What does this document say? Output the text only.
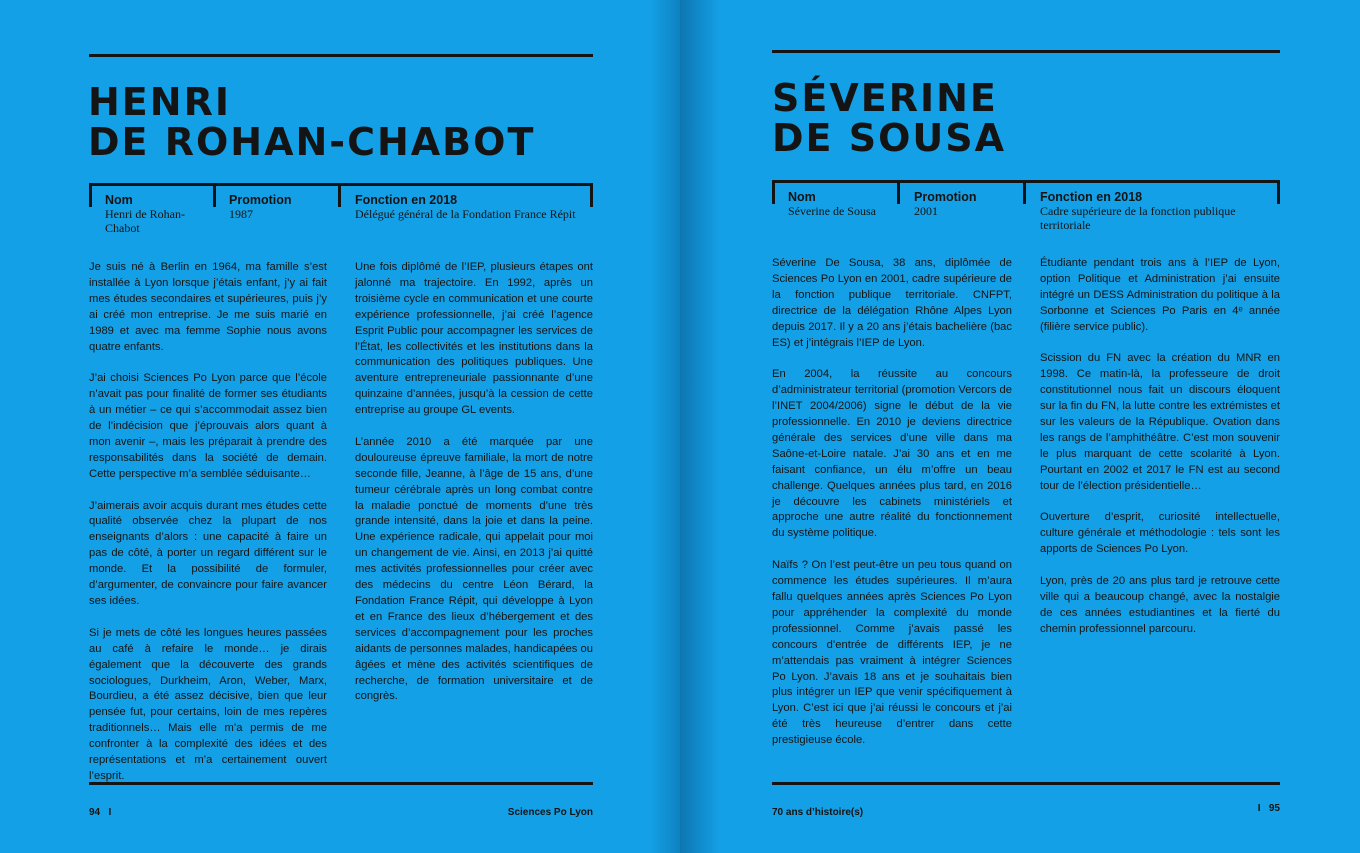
HENRI
DE ROHAN-CHABOT
Nom
Henri de Rohan-Chabot
Promotion
1987
Fonction en 2018
Délégué général de la Fondation France Répit

Je suis né à Berlin en 1964, ma famille s’est installée à Lyon lorsque j’étais enfant, j’y ai fait mes études secondaires et supérieures, puis j’y ai créé mon entreprise. Je me suis marié en 1989 et avec ma femme Sophie nous avons quatre enfants.

J’ai choisi Sciences Po Lyon parce que l’école n’avait pas pour finalité de former ses étudiants à un métier – ce qui s’accommodait assez bien de l’indécision que j’éprouvais alors quant à mon avenir –, mais les préparait à prendre des responsabilités dans la société de demain. Cette perspective m’a semblée séduisante…

J’aimerais avoir acquis durant mes études cette qualité observée chez la plupart de nos enseignants d’alors : une capacité à faire un pas de côté, à porter un regard différent sur le monde. Et la possibilité de formuler, d’argumenter, de convaincre pour faire avancer ses idées.

Si je mets de côté les longues heures passées au café à refaire le monde… je dirais également que la découverte des grands sociologues, Durkheim, Aron, Weber, Marx, Bourdieu, a été assez décisive, bien que leur pensée fut, pour certains, loin de mes repères traditionnels… Mais elle m’a permis de me confronter à la complexité des idées et des représentations et m’a certainement ouvert l’esprit.

Une fois diplômé de l’IEP, plusieurs étapes ont jalonné ma trajectoire. En 1992, après un troisième cycle en communication et une courte expérience professionnelle, j’ai créé l’agence Esprit Public pour accompagner les services de l’État, les collectivités et les institutions dans la communication des politiques publiques. Une aventure entrepreneuriale passionnante d’une quinzaine d’années, jusqu’à la cession de cette entreprise au groupe GL events.

L’année 2010 a été marquée par une douloureuse épreuve familiale, la mort de notre seconde fille, Jeanne, à l’âge de 15 ans, d’une tumeur cérébrale après un long combat contre la maladie ponctué de moments d’une très grande intensité, dans la joie et dans la peine. Une expérience radicale, qui appelait pour moi un changement de vie. Ainsi, en 2013 j’ai quitté mes activités professionnelles pour créer avec des médecins du centre Léon Bérard, la Fondation France Répit, qui développe à Lyon et en France des lieux d’hébergement et des services d’accompagnement pour les proches aidants de personnes malades, handicapées ou âgées et mène des activités scientifiques de recherche, de formation universitaire et de congrès.

94 I	Sciences Po Lyon
SÉVERINE
DE SOUSA
Nom
Séverine de Sousa
Promotion
2001
Fonction en 2018
Cadre supérieure de la fonction publique territoriale

Séverine De Sousa, 38 ans, diplômée de Sciences Po Lyon en 2001, cadre supérieure de la fonction publique territoriale. CNFPT, directrice de la délégation Rhône Alpes Lyon depuis 2017. Il y a 20 ans j’étais bachelière (bac ES) et j’intégrais l’IEP de Lyon.

En 2004, la réussite au concours d’administrateur territorial (promotion Vercors de l’INET 2004/2006) signe le début de la vie professionnelle. En 2010 je deviens directrice générale des services d’une ville dans ma Saône-et-Loire natale. J’ai 30 ans et en me faisant confiance, un élu m’offre un beau challenge. Quelques années plus tard, en 2016 je découvre les cabinets ministériels et approche une autre réalité du fonctionnement du système politique.

Naïfs ? On l’est peut-être un peu tous quand on commence les études supérieures. Il m’aura fallu quelques années après Sciences Po Lyon pour appréhender la complexité du monde professionnel. Comme j’avais passé les concours d’entrée de différents IEP, je ne m’attendais pas vraiment à intégrer Sciences Po Lyon. J’avais 18 ans et je souhaitais bien plus intégrer un IEP que venir spécifiquement à Lyon. C’est ici que j’ai réussi le concours et j’ai été très heureuse d’entrer dans cette prestigieuse école.

Étudiante pendant trois ans à l’IEP de Lyon, option Politique et Administration j’ai ensuite intégré un DESS Administration du politique à la Sorbonne et Sciences Po Paris en 4ᵉ année (filière service public).

Scission du FN avec la création du MNR en 1998. Ce matin-là, la professeure de droit constitutionnel nous fait un discours éloquent sur la fin du FN, la lutte contre les extrémistes et sur les valeurs de la République. Ovation dans les rangs de l’amphithéâtre. C’est mon souvenir le plus marquant de cette scolarité à Lyon. Pourtant en 2002 et 2017 le FN est au second tour de l’élection présidentielle…

Ouverture d’esprit, curiosité intellectuelle, culture générale et méthodologie : tels sont les apports de Sciences Po Lyon.

Lyon, près de 20 ans plus tard je retrouve cette ville qui a beaucoup changé, avec la nostalgie de ces années estudiantines et la fierté du chemin professionnel parcouru.

70 ans d’histoire(s)	I 95
